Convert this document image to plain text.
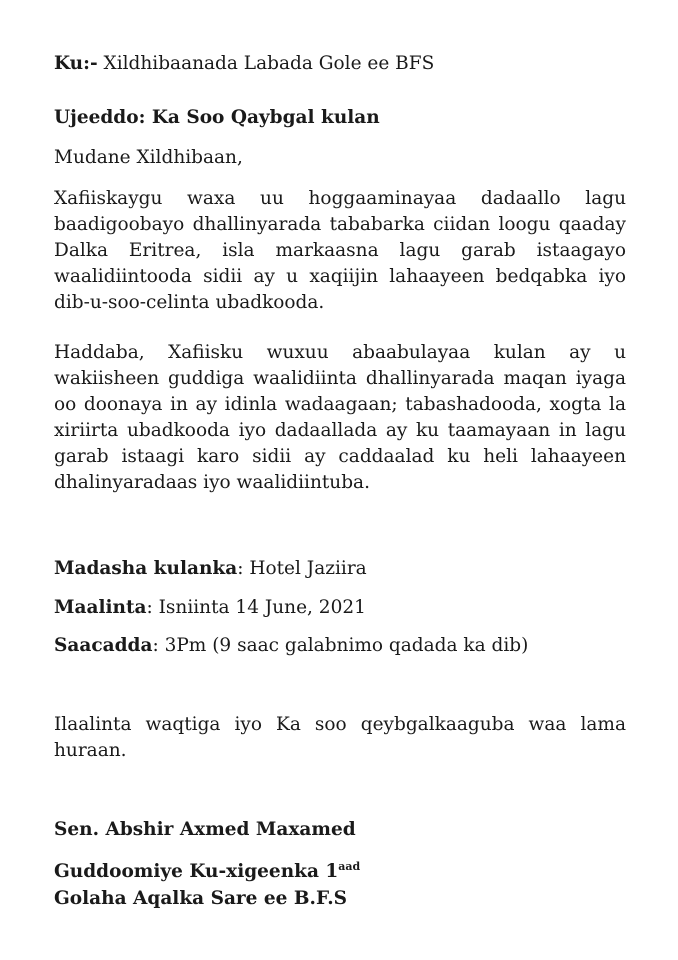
Ku:- Xildhibaanada Labada Gole ee BFS
Ujeeddo: Ka Soo Qaybgal kulan
Mudane Xildhibaan,
Xafiiskaygu waxa uu hoggaaminayaa dadaallo lagu baadigoobayo dhallinyarada tababarka ciidan loogu qaaday Dalka Eritrea, isla markaasna lagu garab istaagayo waalidiintooda sidii ay u xaqiijin lahaayeen bedqabka iyo dib-u-soo-celinta ubadkooda.
Haddaba, Xafiisku wuxuu abaabulayaa kulan ay u wakiisheen guddiga waalidiinta dhallinyarada maqan iyaga oo doonaya in ay idinla wadaagaan; tabashadooda, xogta la xiriirta ubadkooda iyo dadaallada ay ku taamayaan in lagu garab istaagi karo sidii ay caddaalad ku heli lahaayeen dhalinyaradaas iyo waalidiintuba.
Madasha kulanka: Hotel Jaziira
Maalinta: Isniinta 14 June, 2021
Saacadda: 3Pm (9 saac galabnimo qadada ka dib)
Ilaalinta waqtiga iyo Ka soo qeybgalkaaguba waa lama huraan.
Sen. Abshir Axmed Maxamed
Guddoomiye Ku-xigeenka $1^{aad}$
Golaha Aqalka Sare ee B.F.S
